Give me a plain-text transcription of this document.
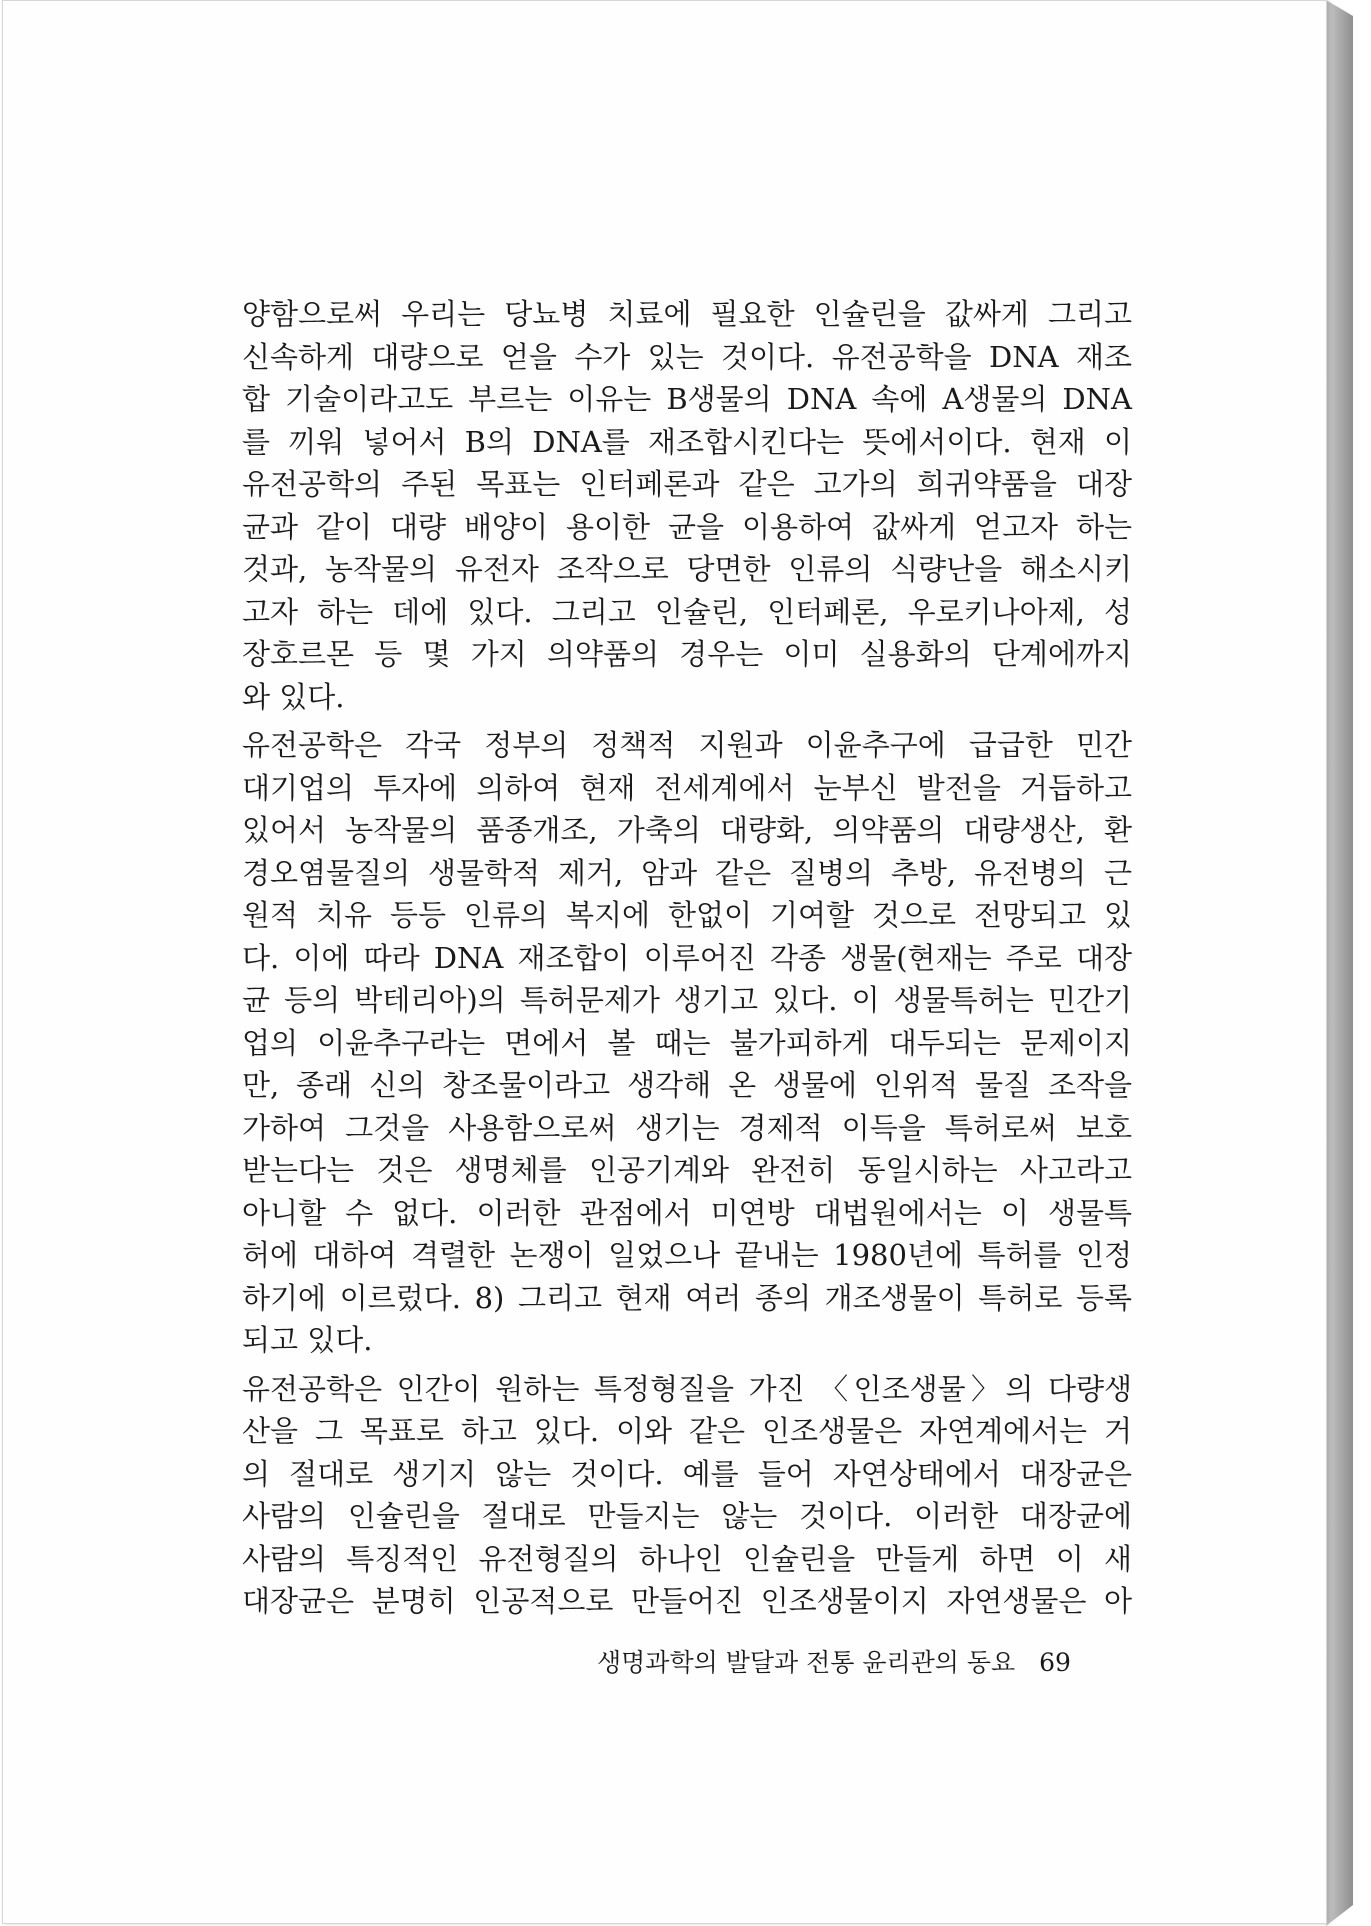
양함으로써 우리는 당뇨병 치료에 필요한 인슐린을 값싸게 그리고
신속하게 대량으로 얻을 수가 있는 것이다. 유전공학을 DNA 재조
합 기술이라고도 부르는 이유는 B생물의 DNA 속에 A생물의 DNA
를 끼워 넣어서 B의 DNA를 재조합시킨다는 뜻에서이다. 현재 이
유전공학의 주된 목표는 인터페론과 같은 고가의 희귀약품을 대장
균과 같이 대량 배양이 용이한 균을 이용하여 값싸게 얻고자 하는
것과, 농작물의 유전자 조작으로 당면한 인류의 식량난을 해소시키
고자 하는 데에 있다. 그리고 인슐린, 인터페론, 우로키나아제, 성
장호르몬 등 몇 가지 의약품의 경우는 이미 실용화의 단계에까지
와 있다.
유전공학은 각국 정부의 정책적 지원과 이윤추구에 급급한 민간
대기업의 투자에 의하여 현재 전세계에서 눈부신 발전을 거듭하고
있어서 농작물의 품종개조, 가축의 대량화, 의약품의 대량생산, 환
경오염물질의 생물학적 제거, 암과 같은 질병의 추방, 유전병의 근
원적 치유 등등 인류의 복지에 한없이 기여할 것으로 전망되고 있
다. 이에 따라 DNA 재조합이 이루어진 각종 생물(현재는 주로 대장
균 등의 박테리아)의 특허문제가 생기고 있다. 이 생물특허는 민간기
업의 이윤추구라는 면에서 볼 때는 불가피하게 대두되는 문제이지
만, 종래 신의 창조물이라고 생각해 온 생물에 인위적 물질 조작을
가하여 그것을 사용함으로써 생기는 경제적 이득을 특허로써 보호
받는다는 것은 생명체를 인공기계와 완전히 동일시하는 사고라고
아니할 수 없다. 이러한 관점에서 미연방 대법원에서는 이 생물특
허에 대하여 격렬한 논쟁이 일었으나 끝내는 1980년에 특허를 인정
하기에 이르렀다. 8) 그리고 현재 여러 종의 개조생물이 특허로 등록
되고 있다.
유전공학은 인간이 원하는 특정형질을 가진 〈인조생물〉의 다량생
산을 그 목표로 하고 있다. 이와 같은 인조생물은 자연계에서는 거
의 절대로 생기지 않는 것이다. 예를 들어 자연상태에서 대장균은
사람의 인슐린을 절대로 만들지는 않는 것이다. 이러한 대장균에
사람의 특징적인 유전형질의 하나인 인슐린을 만들게 하면 이 새
대장균은 분명히 인공적으로 만들어진 인조생물이지 자연생물은 아
생명과학의 발달과 전통 윤리관의 동요 69
